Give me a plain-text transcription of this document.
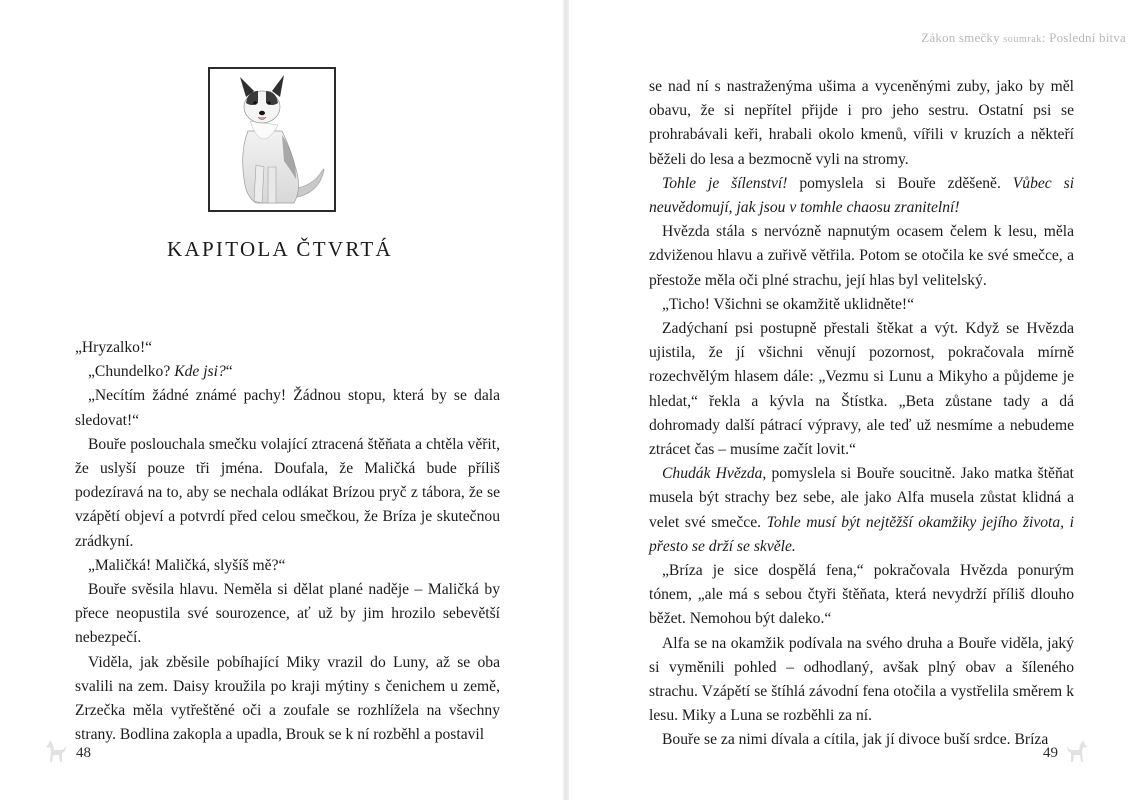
KAPITOLA ČTVRTÁ

„Hryzalko!“

„Chundelko? Kde jsi?“

„Necítím žádné známé pachy! Žádnou stopu, která by se dala sledovat!“

Bouře poslouchala smečku volající ztracená štěňata a chtěla věřit, že uslyší pouze tři jména. Doufala, že Maličká bude příliš podezíravá na to, aby se nechala odlákat Brízou pryč z tábora, že se vzápětí objeví a potvrdí před celou smečkou, že Bríza je skutečnou zrádkyní.

„Maličká! Maličká, slyšíš mě?“

Bouře svěsila hlavu. Neměla si dělat plané naděje – Maličká by přece neopustila své sourozence, ať už by jim hrozilo sebevětší nebezpečí.

Viděla, jak zběsile pobíhající Miky vrazil do Luny, až se oba svalili na zem. Daisy kroužila po kraji mýtiny s čenichem u země, Zrzečka měla vytřeštěné oči a zoufale se rozhlížela na všechny strany. Bodlina zakopla a upadla, Brouk se k ní rozběhl a postavil

48
Zákon smečky soumrak: Poslední bitva

se nad ní s nastraženýma ušima a vyceněnými zuby, jako by měl obavu, že si nepřítel přijde i pro jeho sestru. Ostatní psi se prohrabávali keři, hrabali okolo kmenů, vířili v kruzích a někteří běželi do lesa a bezmocně vyli na stromy.

Tohle je šílenství! pomyslela si Bouře zděšeně. Vůbec si neuvědomují, jak jsou v tomhle chaosu zranitelní!

Hvězda stála s nervózně napnutým ocasem čelem k lesu, měla zdviženou hlavu a zuřivě větřila. Potom se otočila ke své smečce, a přestože měla oči plné strachu, její hlas byl velitelský.

„Ticho! Všichni se okamžitě uklidněte!“

Zadýchaní psi postupně přestali štěkat a výt. Když se Hvězda ujistila, že jí všichni věnují pozornost, pokračovala mírně rozechvělým hlasem dále: „Vezmu si Lunu a Mikyho a půjdeme je hledat,“ řekla a kývla na Štístka. „Beta zůstane tady a dá dohromady další pátrací výpravy, ale teď už nesmíme a nebudeme ztrácet čas – musíme začít lovit.“

Chudák Hvězda, pomyslela si Bouře soucitně. Jako matka štěňat musela být strachy bez sebe, ale jako Alfa musela zůstat klidná a velet své smečce. Tohle musí být nejtěžší okamžiky jejího života, i přesto se drží se skvěle.

„Bríza je sice dospělá fena,“ pokračovala Hvězda ponurým tónem, „ale má s sebou čtyři štěňata, která nevydrží příliš dlouho běžet. Nemohou být daleko.“

Alfa se na okamžik podívala na svého druha a Bouře viděla, jaký si vyměnili pohled – odhodlaný, avšak plný obav a šíleného strachu. Vzápětí se štíhlá závodní fena otočila a vystřelila směrem k lesu. Miky a Luna se rozběhli za ní.

Bouře se za nimi dívala a cítila, jak jí divoce buší srdce. Bríza

49
